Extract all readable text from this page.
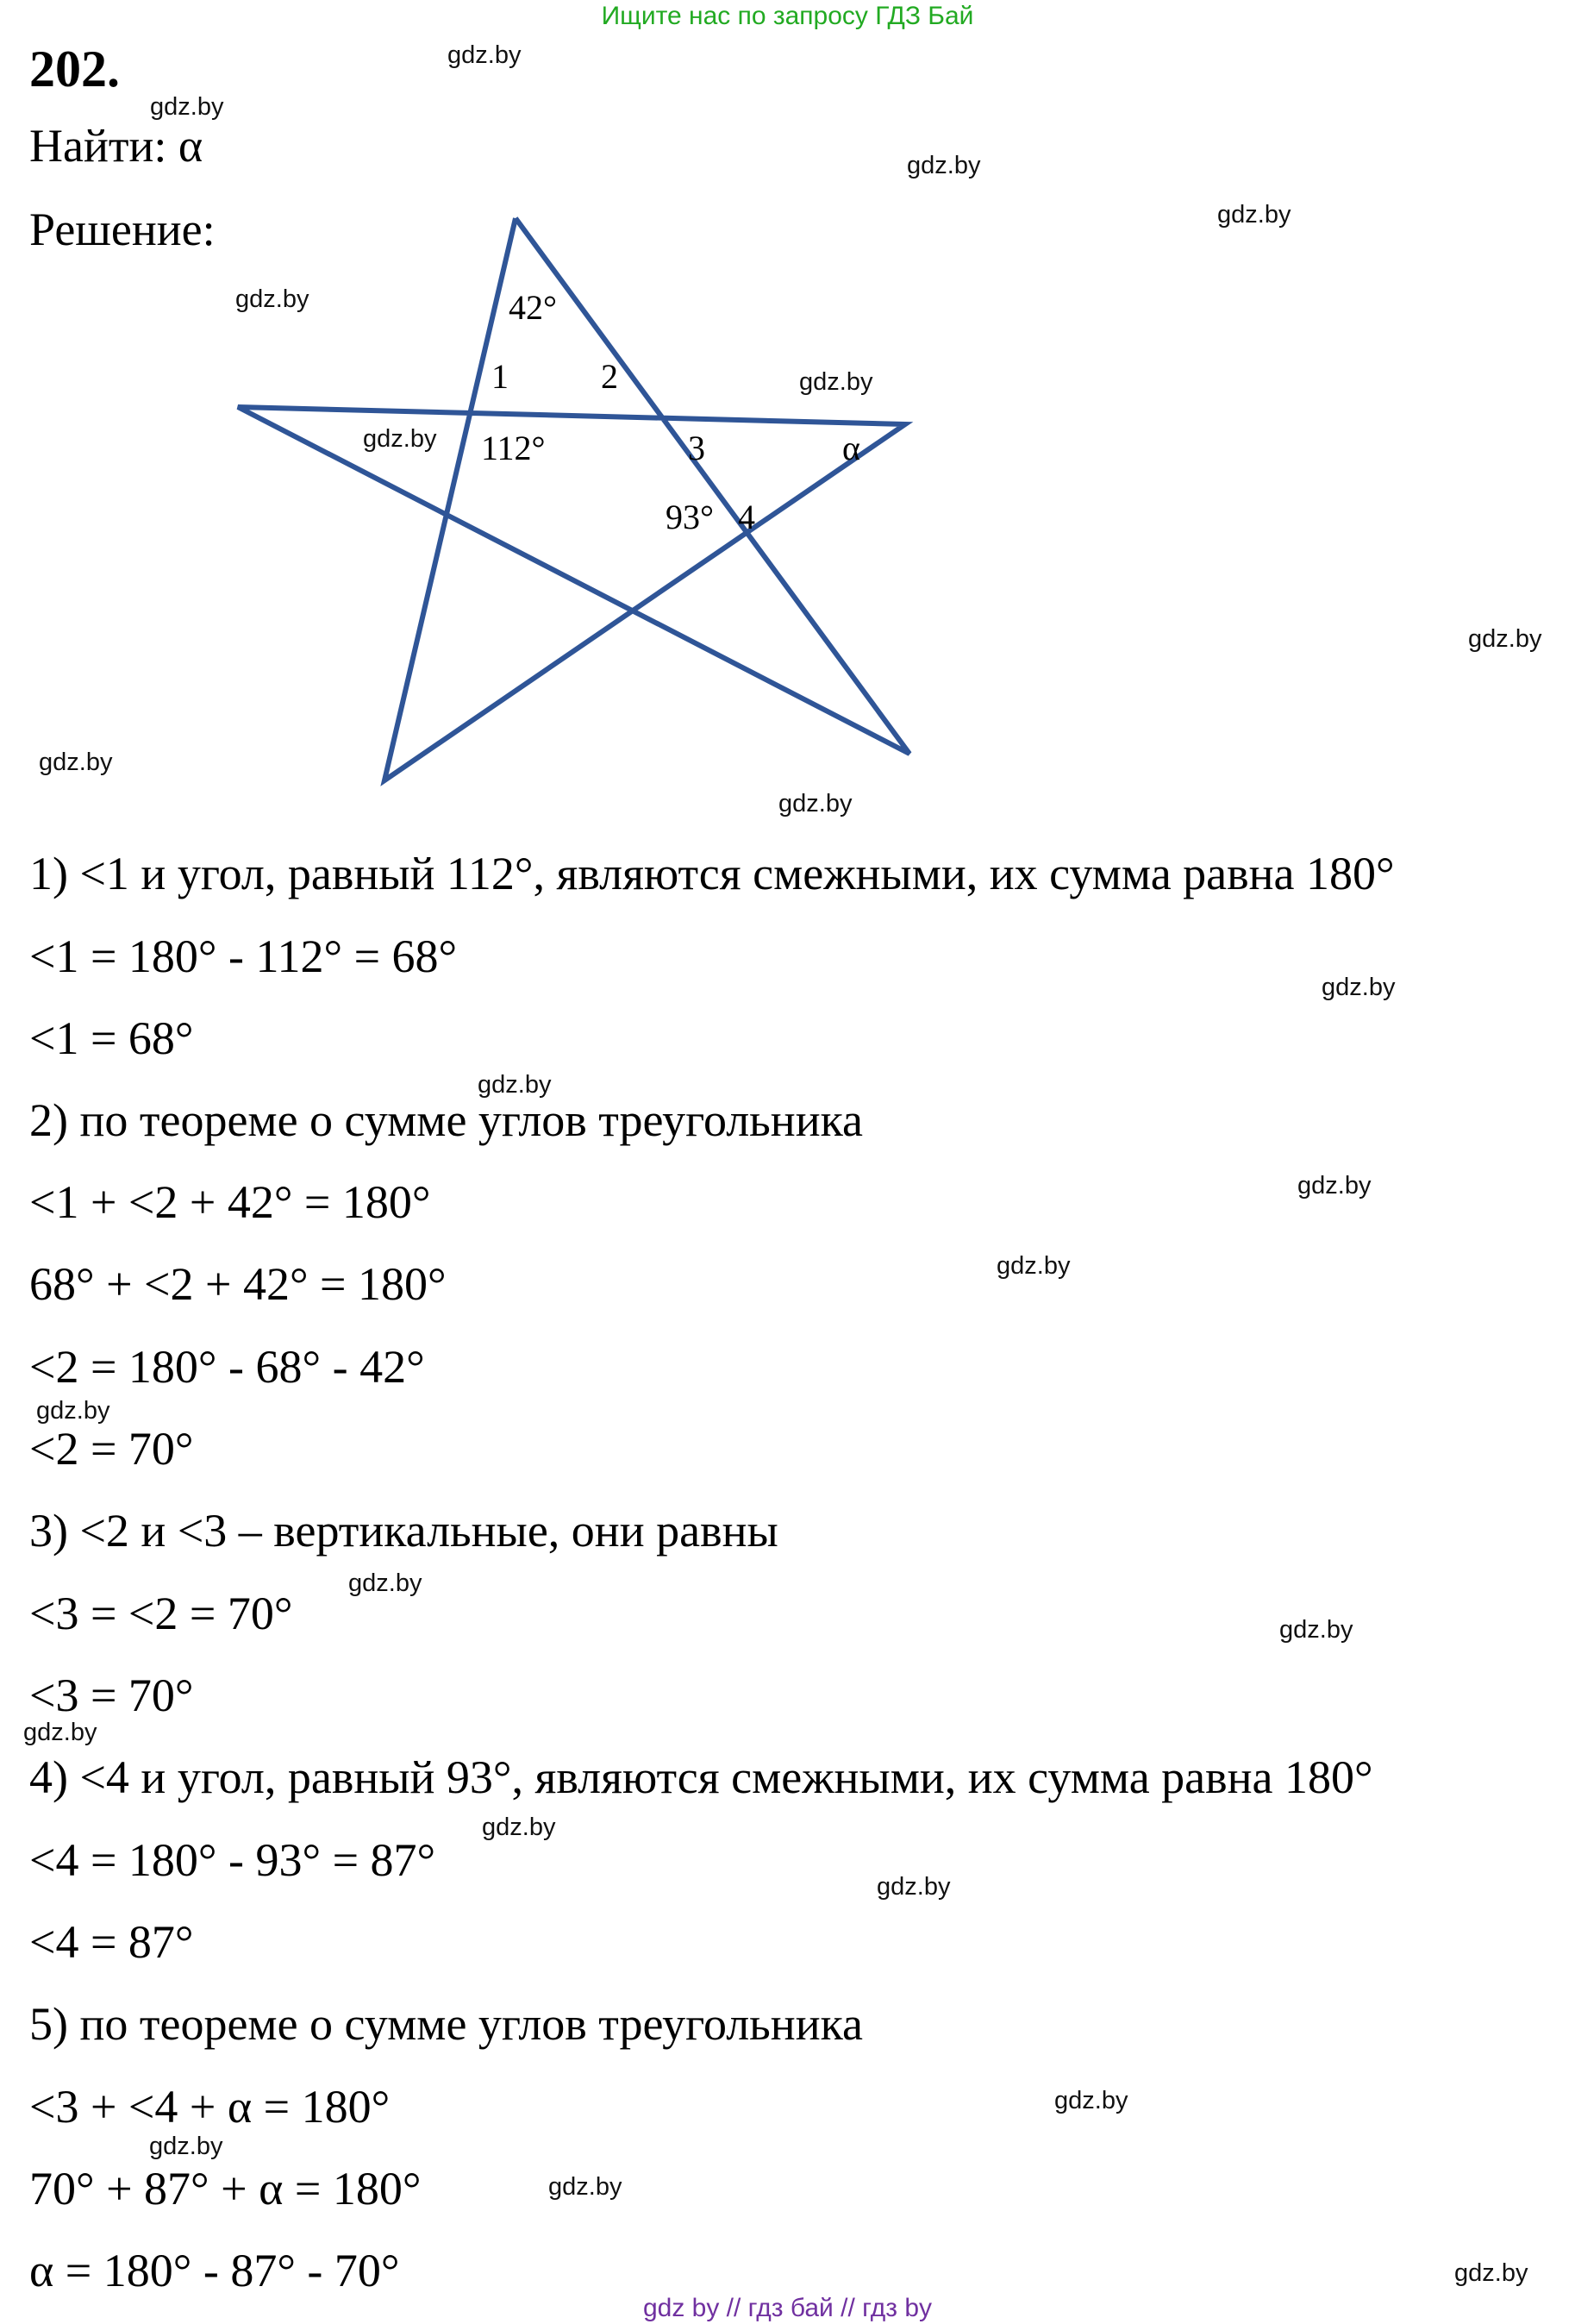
Ищите нас по запросу ГДЗ Бай
202.
Найти: α
Решение:
42°
1	2
112°	3	α
93° 4
1) <1 и угол, равный 112°, являются смежными, их сумма равна 180°
<1 = 180° - 112° = 68°
<1 = 68°
2) по теореме о сумме углов треугольника
<1 + <2 + 42° = 180°
68° + <2 + 42° = 180°
<2 = 180° - 68° - 42°
<2 = 70°
3) <2 и <3 – вертикальные, они равны
<3 = <2 = 70°
<3 = 70°
4) <4 и угол, равный 93°, являются смежными, их сумма равна 180°
<4 = 180° - 93° = 87°
<4 = 87°
5) по теореме о сумме углов треугольника
<3 + <4 + α = 180°
70° + 87° + α = 180°
α = 180° - 87° - 70°
gdz.by
gdz.by
gdz.by
gdz.by
gdz.by
gdz.by
gdz.by
gdz.by
gdz.by
gdz.by
gdz.by
gdz.by
gdz.by
gdz.by
gdz.by
gdz.by
gdz.by
gdz.by
gdz.by
gdz.by
gdz.by
gdz.by
gdz.by
gdz.by
gdz by // гдз бай // гдз by
